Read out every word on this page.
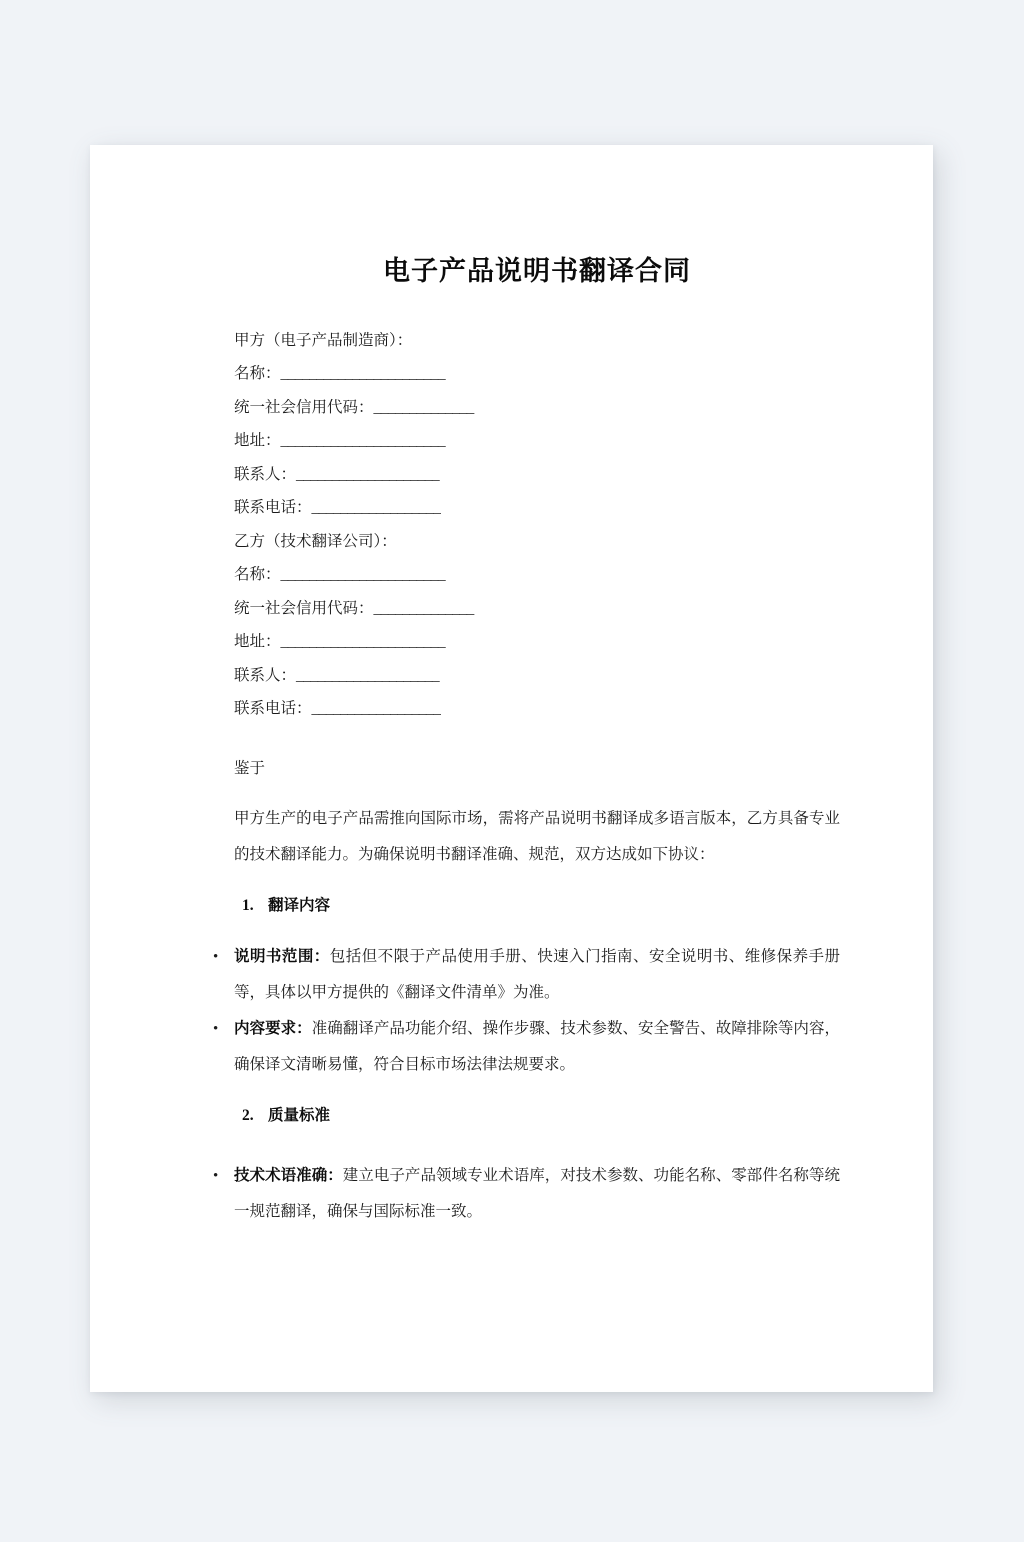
电子产品说明书翻译合同
甲方（电子产品制造商）：
名称：_______________________
统一社会信用代码：______________
地址：_______________________
联系人：____________________
联系电话：__________________
乙方（技术翻译公司）：
名称：_______________________
统一社会信用代码：______________
地址：_______________________
联系人：____________________
联系电话：__________________
鉴于

甲方生产的电子产品需推向国际市场，需将产品说明书翻译成多语言版本，乙方具备专业的技术翻译能力。为确保说明书翻译准确、规范，双方达成如下协议：

1. 翻译内容
• 说明书范围：包括但不限于产品使用手册、快速入门指南、安全说明书、维修保养手册等，具体以甲方提供的《翻译文件清单》为准。
• 内容要求：准确翻译产品功能介绍、操作步骤、技术参数、安全警告、故障排除等内容，确保译文清晰易懂，符合目标市场法律法规要求。
2. 质量标准
• 技术术语准确：建立电子产品领域专业术语库，对技术参数、功能名称、零部件名称等统一规范翻译，确保与国际标准一致。
